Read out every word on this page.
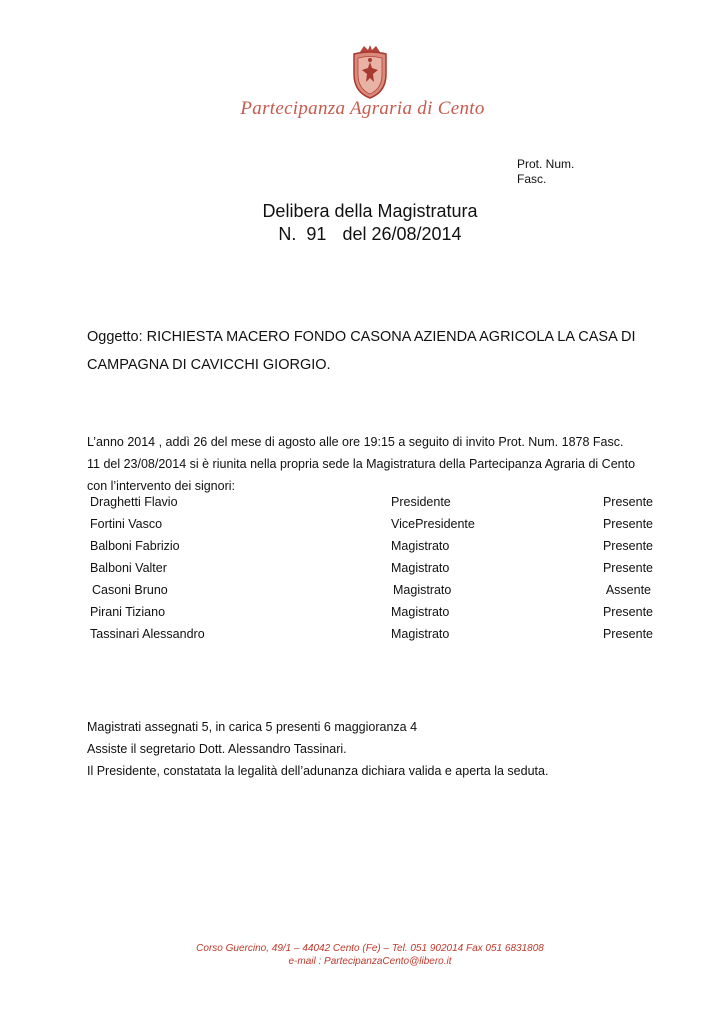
Partecipanza Agraria di Cento
Prot. Num.
Fasc.
Delibera della Magistratura
N. 91 del 26/08/2014
Oggetto: RICHIESTA MACERO FONDO CASONA AZIENDA AGRICOLA LA CASA DI
CAMPAGNA DI CAVICCHI GIORGIO.
L’anno 2014 , addì 26 del mese di agosto alle ore 19:15 a seguito di invito Prot. Num. 1878 Fasc.
11 del 23/08/2014 si è riunita nella propria sede la Magistratura della Partecipanza Agraria di Cento
con l’intervento dei signori:
Draghetti Flavio	Presidente	Presente
Fortini Vasco	VicePresidente	Presente
Balboni Fabrizio	Magistrato	Presente
Balboni Valter	Magistrato	Presente
Casoni Bruno	Magistrato	Assente
Pirani Tiziano	Magistrato	Presente
Tassinari Alessandro	Magistrato	Presente
Magistrati assegnati 5, in carica 5 presenti 6 maggioranza 4
Assiste il segretario Dott. Alessandro Tassinari.
Il Presidente, constatata la legalità dell’adunanza dichiara valida e aperta la seduta.
Corso Guercino, 49/1 – 44042 Cento (Fe) – Tel. 051 902014 Fax 051 6831808
e-mail : PartecipanzaCento@libero.it
